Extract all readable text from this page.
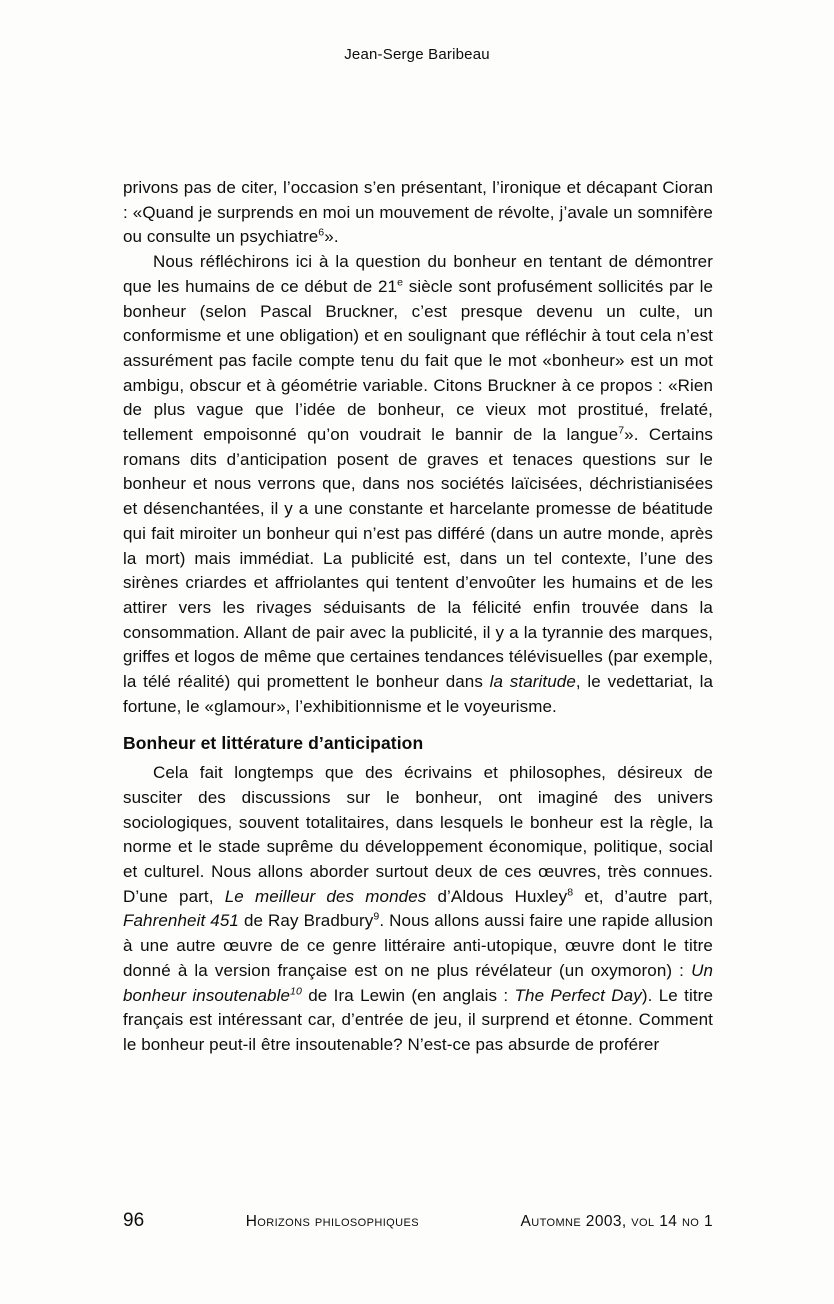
Jean-Serge Baribeau

privons pas de citer, l’occasion s’en présentant, l’ironique et décapant Cioran : «Quand je surprends en moi un mouvement de révolte, j’avale un somnifère ou consulte un psychiatre$^6$».

Nous réfléchirons ici à la question du bonheur en tentant de démontrer que les humains de ce début de 21e siècle sont profusément sollicités par le bonheur (selon Pascal Bruckner, c’est presque devenu un culte, un conformisme et une obligation) et en soulignant que réfléchir à tout cela n’est assurément pas facile compte tenu du fait que le mot «bonheur» est un mot ambigu, obscur et à géométrie variable. Citons Bruckner à ce propos : «Rien de plus vague que l’idée de bonheur, ce vieux mot prostitué, frelaté, tellement empoisonné qu’on voudrait le bannir de la langue$^7$». Certains romans dits d’anticipation posent de graves et tenaces questions sur le bonheur et nous verrons que, dans nos sociétés laïcisées, déchristianisées et désenchantées, il y a une constante et harcelante promesse de béatitude qui fait miroiter un bonheur qui n’est pas différé (dans un autre monde, après la mort) mais immédiat. La publicité est, dans un tel contexte, l’une des sirènes criardes et affriolantes qui tentent d’envoûter les humains et de les attirer vers les rivages séduisants de la félicité enfin trouvée dans la consommation. Allant de pair avec la publicité, il y a la tyrannie des marques, griffes et logos de même que certaines tendances télévisuelles (par exemple, la télé réalité) qui promettent le bonheur dans la staritude, le vedettariat, la fortune, le «glamour», l’exhibitionnisme et le voyeurisme.

Bonheur et littérature d’anticipation

Cela fait longtemps que des écrivains et philosophes, désireux de susciter des discussions sur le bonheur, ont imaginé des univers sociologiques, souvent totalitaires, dans lesquels le bonheur est la règle, la norme et le stade suprême du développement économique, politique, social et culturel. Nous allons aborder surtout deux de ces œuvres, très connues. D’une part, Le meilleur des mondes d’Aldous Huxley$^8$ et, d’autre part, Fahrenheit 451 de Ray Bradbury$^9$. Nous allons aussi faire une rapide allusion à une autre œuvre de ce genre littéraire anti-utopique, œuvre dont le titre donné à la version française est on ne plus révélateur (un oxymoron) : Un bonheur insoutenable$^{10}$ de Ira Lewin (en anglais : The Perfect Day). Le titre français est intéressant car, d’entrée de jeu, il surprend et étonne. Comment le bonheur peut-il être insoutenable? N’est-ce pas absurde de proférer

96	Horizons philosophiques	Automne 2003, vol 14 no 1
